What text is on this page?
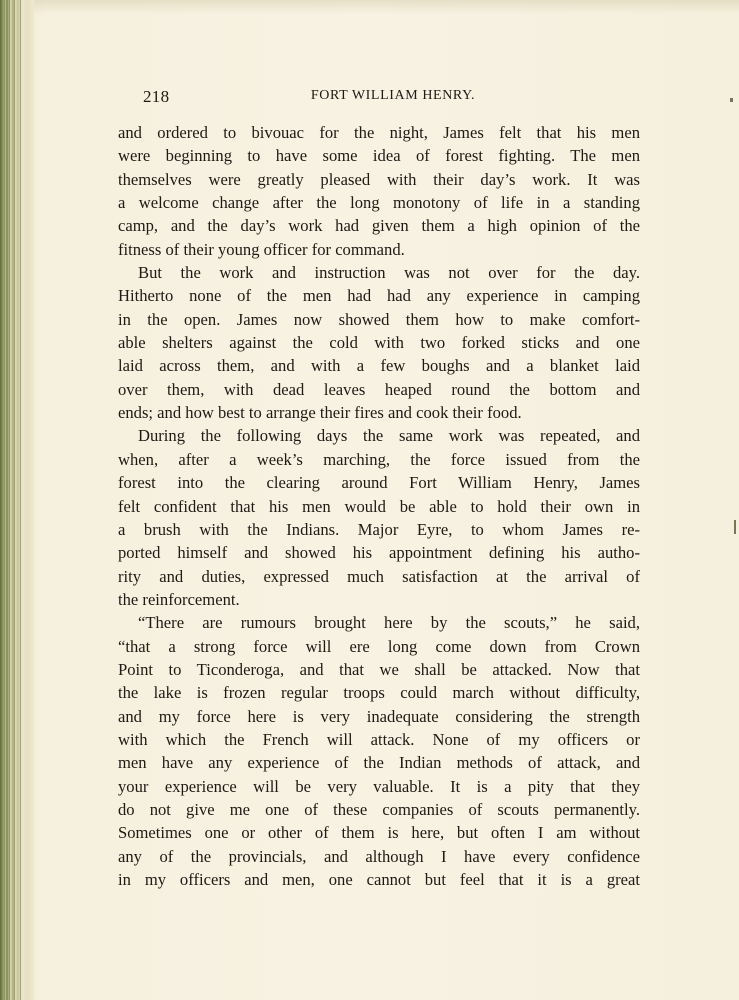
218	FORT WILLIAM HENRY.
and ordered to bivouac for the night, James felt that his men
were beginning to have some idea of forest fighting. The men
themselves were greatly pleased with their day’s work. It was
a welcome change after the long monotony of life in a standing
camp, and the day’s work had given them a high opinion of the
fitness of their young officer for command.
But the work and instruction was not over for the day.
Hitherto none of the men had had any experience in camping
in the open. James now showed them how to make comfort-
able shelters against the cold with two forked sticks and one
laid across them, and with a few boughs and a blanket laid
over them, with dead leaves heaped round the bottom and
ends; and how best to arrange their fires and cook their food.
During the following days the same work was repeated, and
when, after a week’s marching, the force issued from the
forest into the clearing around Fort William Henry, James
felt confident that his men would be able to hold their own in
a brush with the Indians. Major Eyre, to whom James re-
ported himself and showed his appointment defining his autho-
rity and duties, expressed much satisfaction at the arrival of
the reinforcement.
“There are rumours brought here by the scouts,” he said,
“that a strong force will ere long come down from Crown
Point to Ticonderoga, and that we shall be attacked. Now that
the lake is frozen regular troops could march without difficulty,
and my force here is very inadequate considering the strength
with which the French will attack. None of my officers or
men have any experience of the Indian methods of attack, and
your experience will be very valuable. It is a pity that they
do not give me one of these companies of scouts permanently.
Sometimes one or other of them is here, but often I am without
any of the provincials, and although I have every confidence
in my officers and men, one cannot but feel that it is a great
